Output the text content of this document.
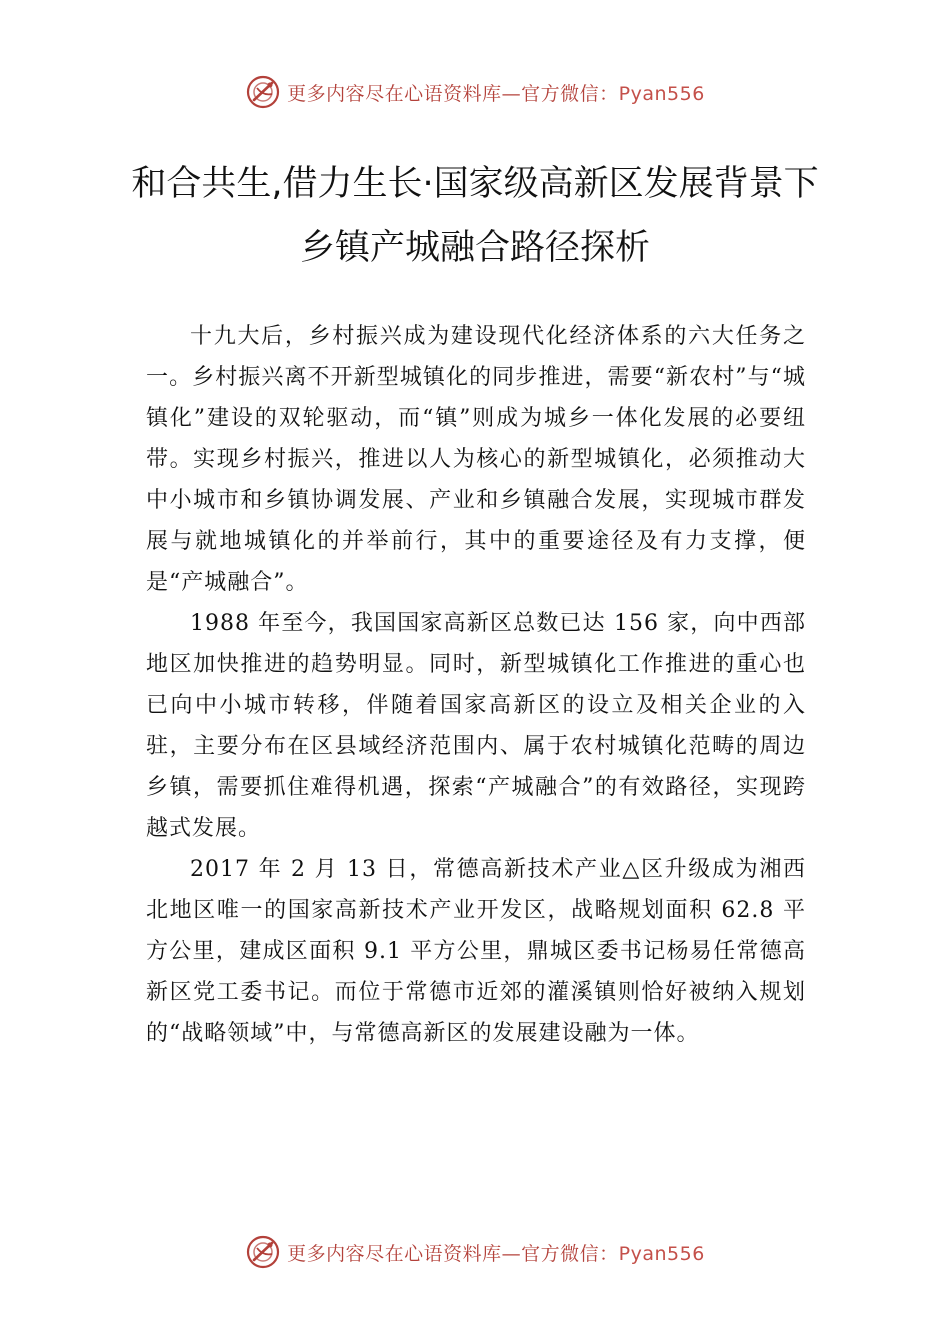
更多内容尽在心语资料库—官方微信：Pyan556
和合共生,借力生长·国家级高新区发展背景下乡镇产城融合路径探析

十九大后，乡村振兴成为建设现代化经济体系的六大任务之一。乡村振兴离不开新型城镇化的同步推进，需要“新农村”与“城镇化”建设的双轮驱动，而“镇”则成为城乡一体化发展的必要纽带。实现乡村振兴，推进以人为核心的新型城镇化，必须推动大中小城市和乡镇协调发展、产业和乡镇融合发展，实现城市群发展与就地城镇化的并举前行，其中的重要途径及有力支撑，便是“产城融合”。

1988 年至今，我国国家高新区总数已达 156 家，向中西部地区加快推进的趋势明显。同时，新型城镇化工作推进的重心也已向中小城市转移，伴随着国家高新区的设立及相关企业的入驻，主要分布在区县域经济范围内、属于农村城镇化范畴的周边乡镇，需要抓住难得机遇，探索“产城融合”的有效路径，实现跨越式发展。

2017 年 2 月 13 日，常德高新技术产业△区升级成为湘西北地区唯一的国家高新技术产业开发区，战略规划面积 62.8 平方公里，建成区面积 9.1 平方公里，鼎城区委书记杨易任常德高新区党工委书记。而位于常德市近郊的灌溪镇则恰好被纳入规划的“战略领域”中，与常德高新区的发展建设融为一体。

更多内容尽在心语资料库—官方微信：Pyan556
